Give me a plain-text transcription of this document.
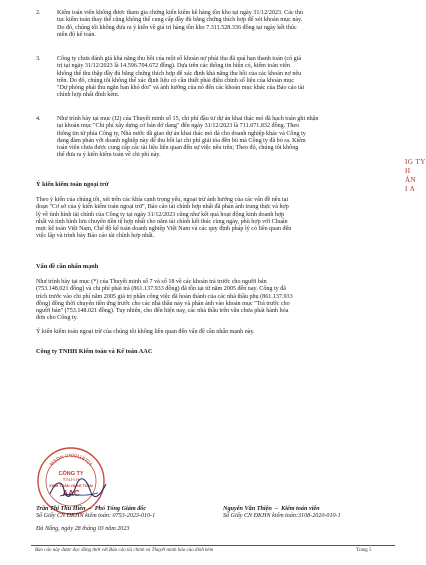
2.	Kiểm toán viên không được tham gia chứng kiến kiểm kê hàng tồn kho tại ngày 31/12/2023. Các thủ
tục kiểm toán thay thế cũng không thể cung cấp đầy đủ bằng chứng thích hợp để xét khoản mục này.
Do đó, chúng tôi không đưa ra ý kiến về giá trị hàng tồn kho 7.311.528.336 đồng tại ngày kết thúc
niên độ kế toán.
3.	Công ty chưa đánh giá khả năng thu hồi của một số khoản nợ phải thu đã quá hạn thanh toán (có giá
trị tại ngày 31/12/2023 là 14.596.704.672 đồng). Dựa trên các thông tin hiện có, kiểm toán viên
không thể thu thập đầy đủ bằng chứng thích hợp để xác định khả năng thu hồi của các khoản nợ nêu
trên. Do đó, chúng tôi không thể xác định liệu có cần thiết phải điều chỉnh số liệu của khoản mục
"Dự phòng phải thu ngắn hạn khó đòi" và ảnh hưởng của nó đến các khoản mục khác của Báo cáo tài
chính hợp nhất đính kèm.
4.	Như trình bày tại mục (I2) của Thuyết minh số 15, chi phí đầu tư dự án khai thác mỏ đã hạch toán ghi nhận
tại khoản mục "Chi phí xây dựng cơ bản dở dang" đến ngày 31/12/2023 là 711.071.832 đồng. Theo
thông tin từ phía Công ty, Nhà nước đã giao dự án khai thác mỏ đá cho doanh nghiệp khác và Công ty
đang đàm phán với doanh nghiệp này để thu hồi lại chi phí giải tỏa đền bù mà Công ty đã bỏ ra. Kiểm
toán viên chưa được cung cấp các tài liệu liên quan đến sự việc nêu trên; Theo đó, chúng tôi không
thể đưa ra ý kiến kiểm toán về chi phí này.
Ý kiến kiểm toán ngoại trừ
Theo ý kiến của chúng tôi, xét trên các khía cạnh trọng yếu, ngoại trừ ảnh hưởng của các vấn đề nêu tại
đoạn "Cơ sở của ý kiến kiểm toán ngoại trừ", Báo cáo tài chính hợp nhất đã phản ánh trung thực và hợp
lý về tình hình tài chính của Công ty tại ngày 31/12/2023 cũng như kết quả hoạt động kinh doanh hợp
nhất và tình hình lưu chuyển tiền tệ hợp nhất cho năm tài chính kết thúc cùng ngày, phù hợp với Chuẩn
mực kế toán Việt Nam, Chế độ kế toán doanh nghiệp Việt Nam và các quy định pháp lý có liên quan đến
việc lập và trình bày Báo cáo tài chính hợp nhất.
Vấn đề cần nhấn mạnh
Như trình bày tại mục (*) của Thuyết minh số 7 và số 18 về các khoản trả trước cho người bán
(753.148.021 đồng) và chi phí phải trả (861.137.933 đồng) đã tồn tại từ năm 2005 đến nay. Công ty đã
trích trước vào chi phí năm 2005 giá trị phần công việc đã hoàn thành của các nhà thầu phụ (861.137.933
đồng) đồng thời chuyển tiền ứng trước cho các nhà thầu này và phản ánh vào khoản mục "Trả trước cho
người bán" (753.148.021 đồng). Tuy nhiên, cho đến hiện nay, các nhà thầu trên vẫn chưa phát hành hóa
đơn cho Công ty.
Ý kiến kiểm toán ngoại trừ của chúng tôi không liên quan đến vấn đề cần nhấn mạnh này.
Công ty TNHH Kiểm toán và Kế toán AAC
MSDN 0400116704
CÔNG TY
T.N.H.H
KIỂM TOÁN VÀ KẾ TOÁN
AAC
Trần Thị Thu Hiền  –  Phó Tổng Giám đốc
Số Giấy CN ĐKHN kiểm toán: 0753-2023-010-1
Nguyễn Văn Thiện  –  Kiểm toán viên
Số Giấy CN ĐKHN kiểm toán:3108-2020-010-1
Đà Nẵng, ngày 28 tháng 03 năm 2023
Báo cáo này được đọc đồng thời với Báo cáo tài chính và Thuyết minh báo cáo đính kèm	Trang 5
IG TY
H
ÁN
I A
